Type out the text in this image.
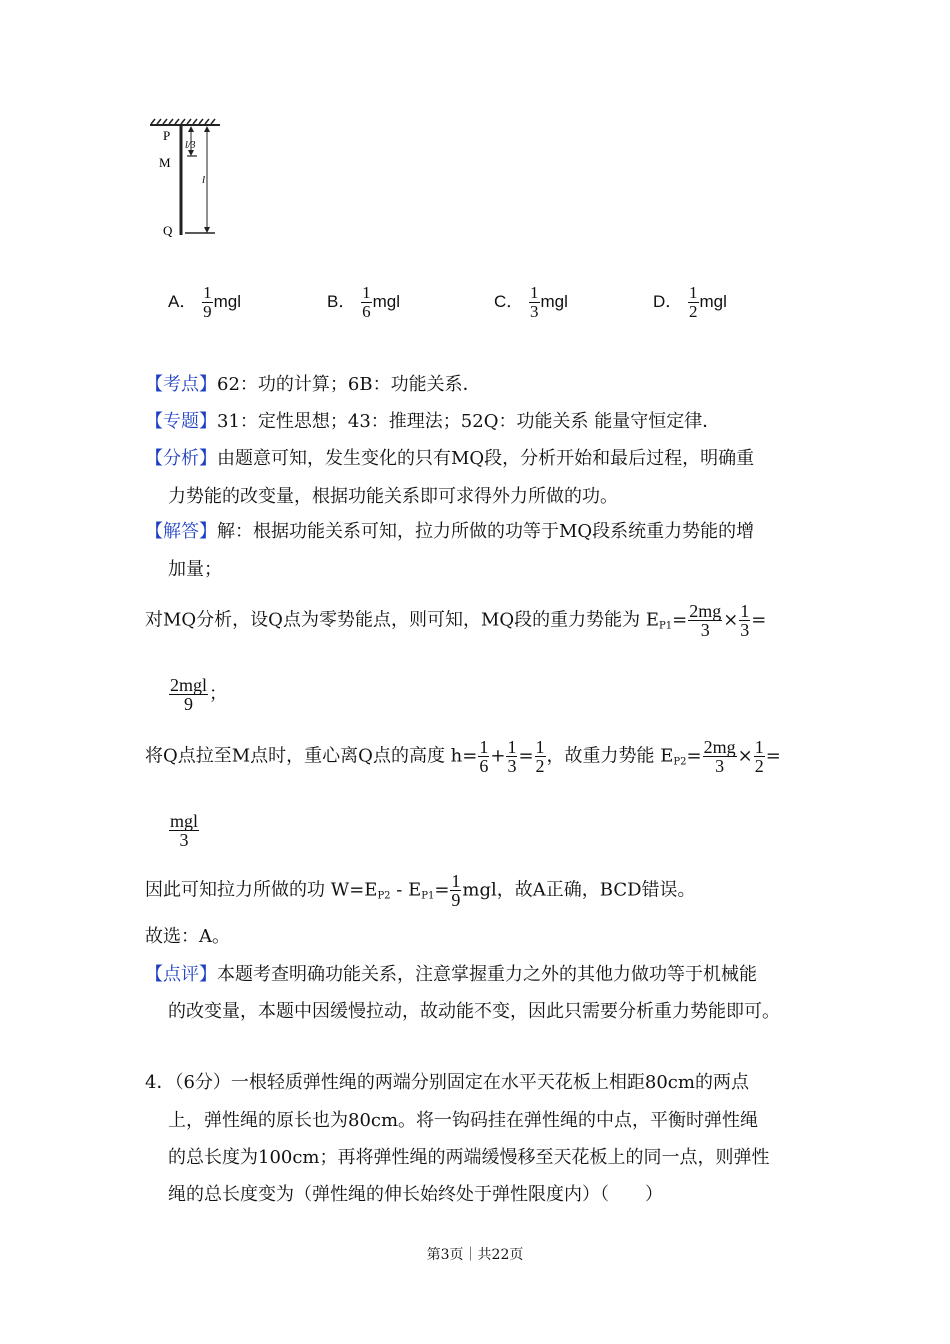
P
M
Q
l/3
l
A． $\frac{1}{9}$ mgl	B． $\frac{1}{6}$ mgl	C． $\frac{1}{3}$ mgl	D． $\frac{1}{2}$ mgl
【考点】62：功的计算；6B：功能关系．
【专题】31：定性思想；43：推理法；52Q：功能关系 能量守恒定律．
【分析】由题意可知，发生变化的只有MQ段，分析开始和最后过程，明确重
力势能的改变量，根据功能关系即可求得外力所做的功。
【解答】解：根据功能关系可知，拉力所做的功等于MQ段系统重力势能的增
加量；
对MQ分析，设Q点为零势能点，则可知，MQ段的重力势能为 $E_{P1}= \frac{2mg}{3} \times \frac{1}{3}$ =
$\frac{\text{2mgl}}{9}$ ；
将Q点拉至M点时，重心离Q点的高度 $h= \frac{1}{6} + \frac{1}{3} = \frac{1}{2}$ ，故重力势能 $E_{P2}= \frac{2mg}{3} \times \frac{1}{2}$ =
$\frac{\text{mgl}}{3}$
因此可知拉力所做的功 $W=E_{P2} - E_{P1}= \frac{1}{9}$ mgl，故A正确，BCD错误。
故选：A。
【点评】本题考查明确功能关系，注意掌握重力之外的其他力做功等于机械能
的改变量，本题中因缓慢拉动，故动能不变，因此只需要分析重力势能即可。
4．（6分）一根轻质弹性绳的两端分别固定在水平天花板上相距80cm的两点
上，弹性绳的原长也为80cm。将一钩码挂在弹性绳的中点，平衡时弹性绳
的总长度为100cm；再将弹性绳的两端缓慢移至天花板上的同一点，则弹性
绳的总长度变为（弹性绳的伸长始终处于弹性限度内）（　　）
第3页｜共22页
